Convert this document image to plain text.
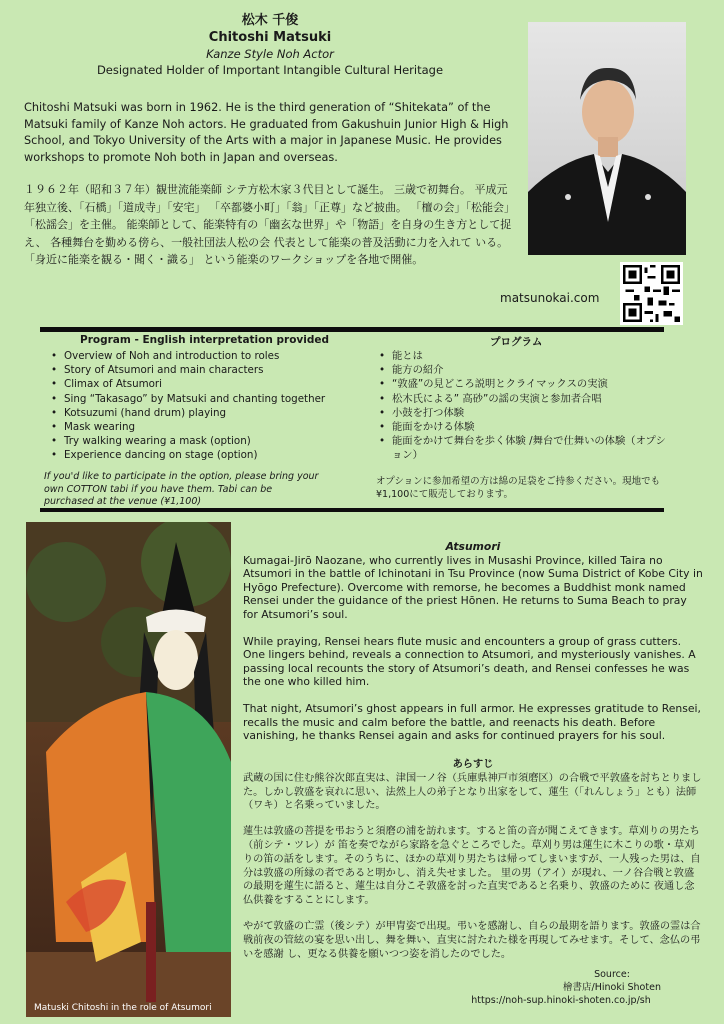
松木 千俊
Chitoshi Matsuki
Kanze Style Noh Actor
Designated Holder of Important Intangible Cultural Heritage
Chitoshi Matsuki was born in 1962. He is the third generation of “Shitekata” of the Matsuki family of Kanze Noh actors. He graduated from Gakushuin Junior High & High School, and Tokyo University of the Arts with a major in Japanese Music. He provides workshops to promote Noh both in Japan and overseas.
１９６２年（昭和３７年）観世流能楽師 シテ方松木家３代目として誕生。 三歳で初舞台。 平成元年独立後、「石橋」「道成寺」「安宅」 「卒都婆小町」「翁」「正尊」など披曲。 「檀の会」「松能会」「松謡会」を主催。 能楽師として、能楽特有の「幽玄な世界」や「物語」を自身の生き方として捉え、 各種舞台を勤める傍ら、一般社団法人松の会 代表として能楽の普及活動に力を入れて いる。「身近に能楽を観る・聞く・識る」 という能楽のワークショップを各地で開催。
matsunokai.com
Program - English interpretation provided
• Overview of Noh and introduction to roles
• Story of Atsumori and main characters
• Climax of Atsumori
• Sing “Takasago” by Matsuki and chanting together
• Kotsuzumi (hand drum) playing
• Mask wearing
• Try walking wearing a mask (option)
• Experience dancing on stage (option)
If you'd like to participate in the option, please bring your own COTTON tabi if you have them. Tabi can be purchased at the venue (¥1,100)
プログラム
• 能とは
• 能方の紹介
• “敦盛”の見どころ説明とクライマックスの実演
• 松木氏による” 高砂”の謡の実演と参加者合唱
• 小鼓を打つ体験
• 能面をかける体験
• 能面をかけて舞台を歩く体験 /舞台で仕舞いの体験（オプション）
オプションに参加希望の方は綿の足袋をご持参ください。現地でも¥1,100にて販売しております。
Matuski Chitoshi in the role of Atsumori
Atsumori

Kumagai-Jirō Naozane, who currently lives in Musashi Province, killed Taira no Atsumori in the battle of Ichinotani in Tsu Province (now Suma District of Kobe City in Hyōgo Prefecture). Overcome with remorse, he becomes a Buddhist monk named Rensei under the guidance of the priest Hōnen. He returns to Suma Beach to pray for Atsumori’s soul.

While praying, Rensei hears flute music and encounters a group of grass cutters. One lingers behind, reveals a connection to Atsumori, and mysteriously vanishes. A passing local recounts the story of Atsumori’s death, and Rensei confesses he was the one who killed him.

That night, Atsumori’s ghost appears in full armor. He expresses gratitude to Rensei, recalls the music and calm before the battle, and reenacts his death. Before vanishing, he thanks Rensei again and asks for continued prayers for his soul.

あらすじ

武蔵の国に住む熊谷次郎直実は、津国一ノ谷（兵庫県神戸市須磨区）の合戦で平敦盛を討ちとりました。しかし敦盛を哀れに思い、法然上人の弟子となり出家をして、蓮生（「れんしょう」とも）法師（ワキ）と名乗っていました。

蓮生は敦盛の菩提を弔おうと須磨の浦を訪れます。すると笛の音が聞こえてきます。草刈りの男たち（前シテ・ツレ）が 笛を奏でながら家路を急ぐところでした。草刈り男は蓮生に木こりの歌・草刈りの笛の話をします。そのうちに、ほかの草刈り男たちは帰ってしまいますが、一人残った男は、自分は敦盛の所縁の者であると明かし、消え失せました。 里の男（アイ）が現れ、一ノ谷合戦と敦盛の最期を蓮生に語ると、蓮生は自分こそ敦盛を討った直実であると名乗り、敦盛のために 夜通し念仏供養をすることにします。

やがて敦盛の亡霊（後シテ）が甲冑姿で出現。弔いを感謝し、自らの最期を語ります。敦盛の霊は合戦前夜の管絃の宴を思い出し、舞を舞い、直実に討たれた様を再現してみせます。そして、念仏の弔いを感謝 し、更なる供養を願いつつ姿を消したのでした。

Source:
檜書店/Hinoki Shoten
https://noh-sup.hinoki-shoten.co.jp/sh
